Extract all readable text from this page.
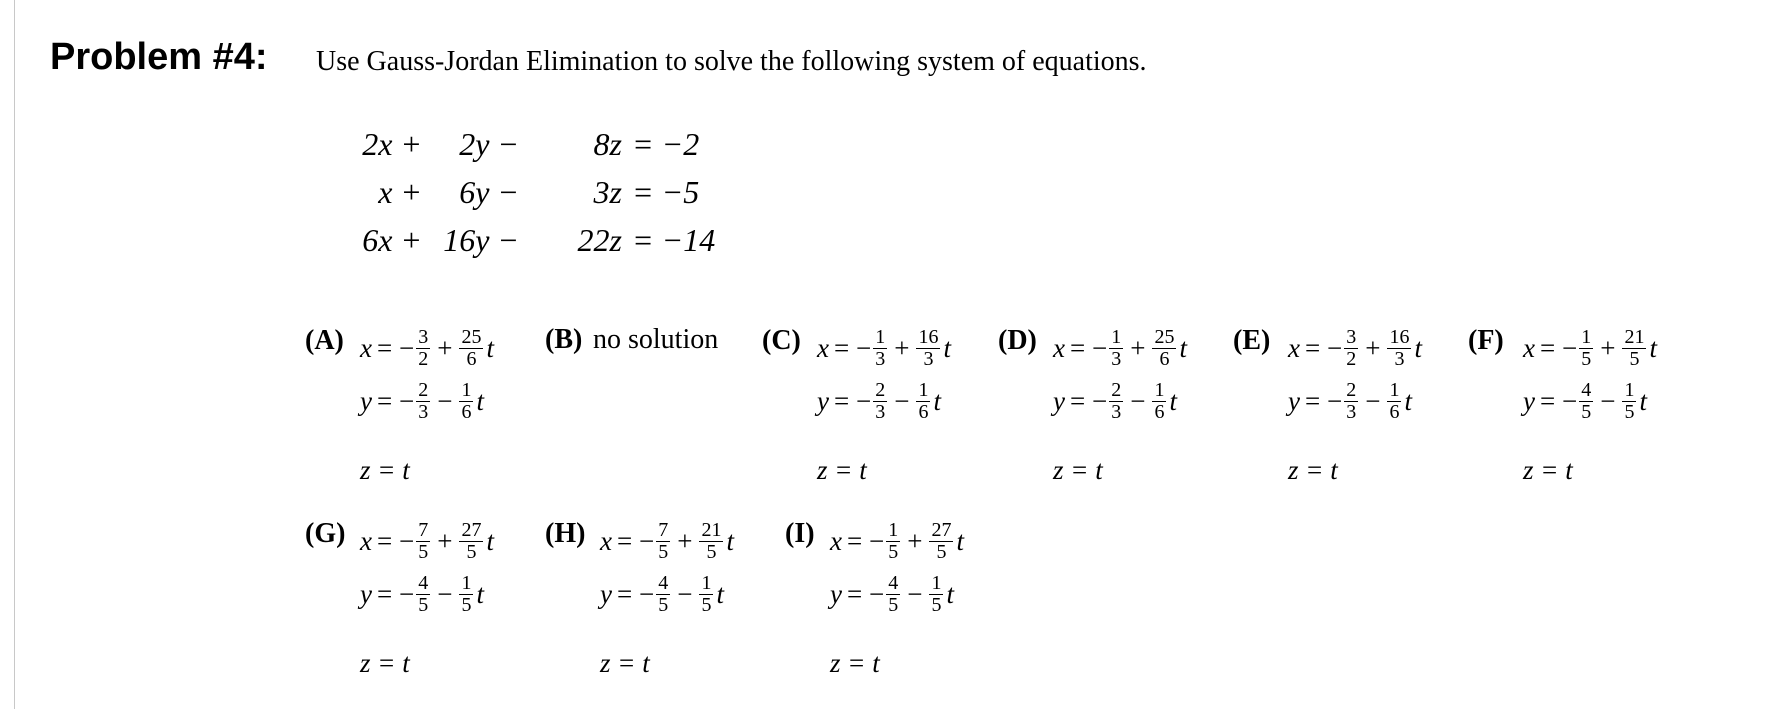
Problem #4: Use Gauss-Jordan Elimination to solve the following system of equations.
2x + 2y − 8z = −2
x + 6y − 3z = −5
6x + 16y − 22z = −14
(B) no solution
(A) x = − $\frac{3}{2} + \frac{25}{6}$ t
y = − $\frac{2}{3} - \frac{1}{6}$ t
z = t
(C) x = − $\frac{1}{3} + \frac{16}{3}$ t
y = − $\frac{2}{3} - \frac{1}{6}$ t
z = t
(D) x = − $\frac{1}{3} + \frac{25}{6}$ t
y = − $\frac{2}{3} - \frac{1}{6}$ t
z = t
(E) x = − $\frac{3}{2} + \frac{16}{3}$ t
y = − $\frac{2}{3} - \frac{1}{6}$ t
z = t
(F) x = − $\frac{1}{5} + \frac{21}{5}$ t
y = − $\frac{4}{5} - \frac{1}{5}$ t
z = t
(G) x = − $\frac{7}{5} + \frac{27}{5}$ t
y = − $\frac{4}{5} - \frac{1}{5}$ t
z = t
(H) x = − $\frac{7}{5} + \frac{21}{5}$ t
y = − $\frac{4}{5} - \frac{1}{5}$ t
z = t
(I) x = − $\frac{1}{5} + \frac{27}{5}$ t
y = − $\frac{4}{5} - \frac{1}{5}$ t
z = t
